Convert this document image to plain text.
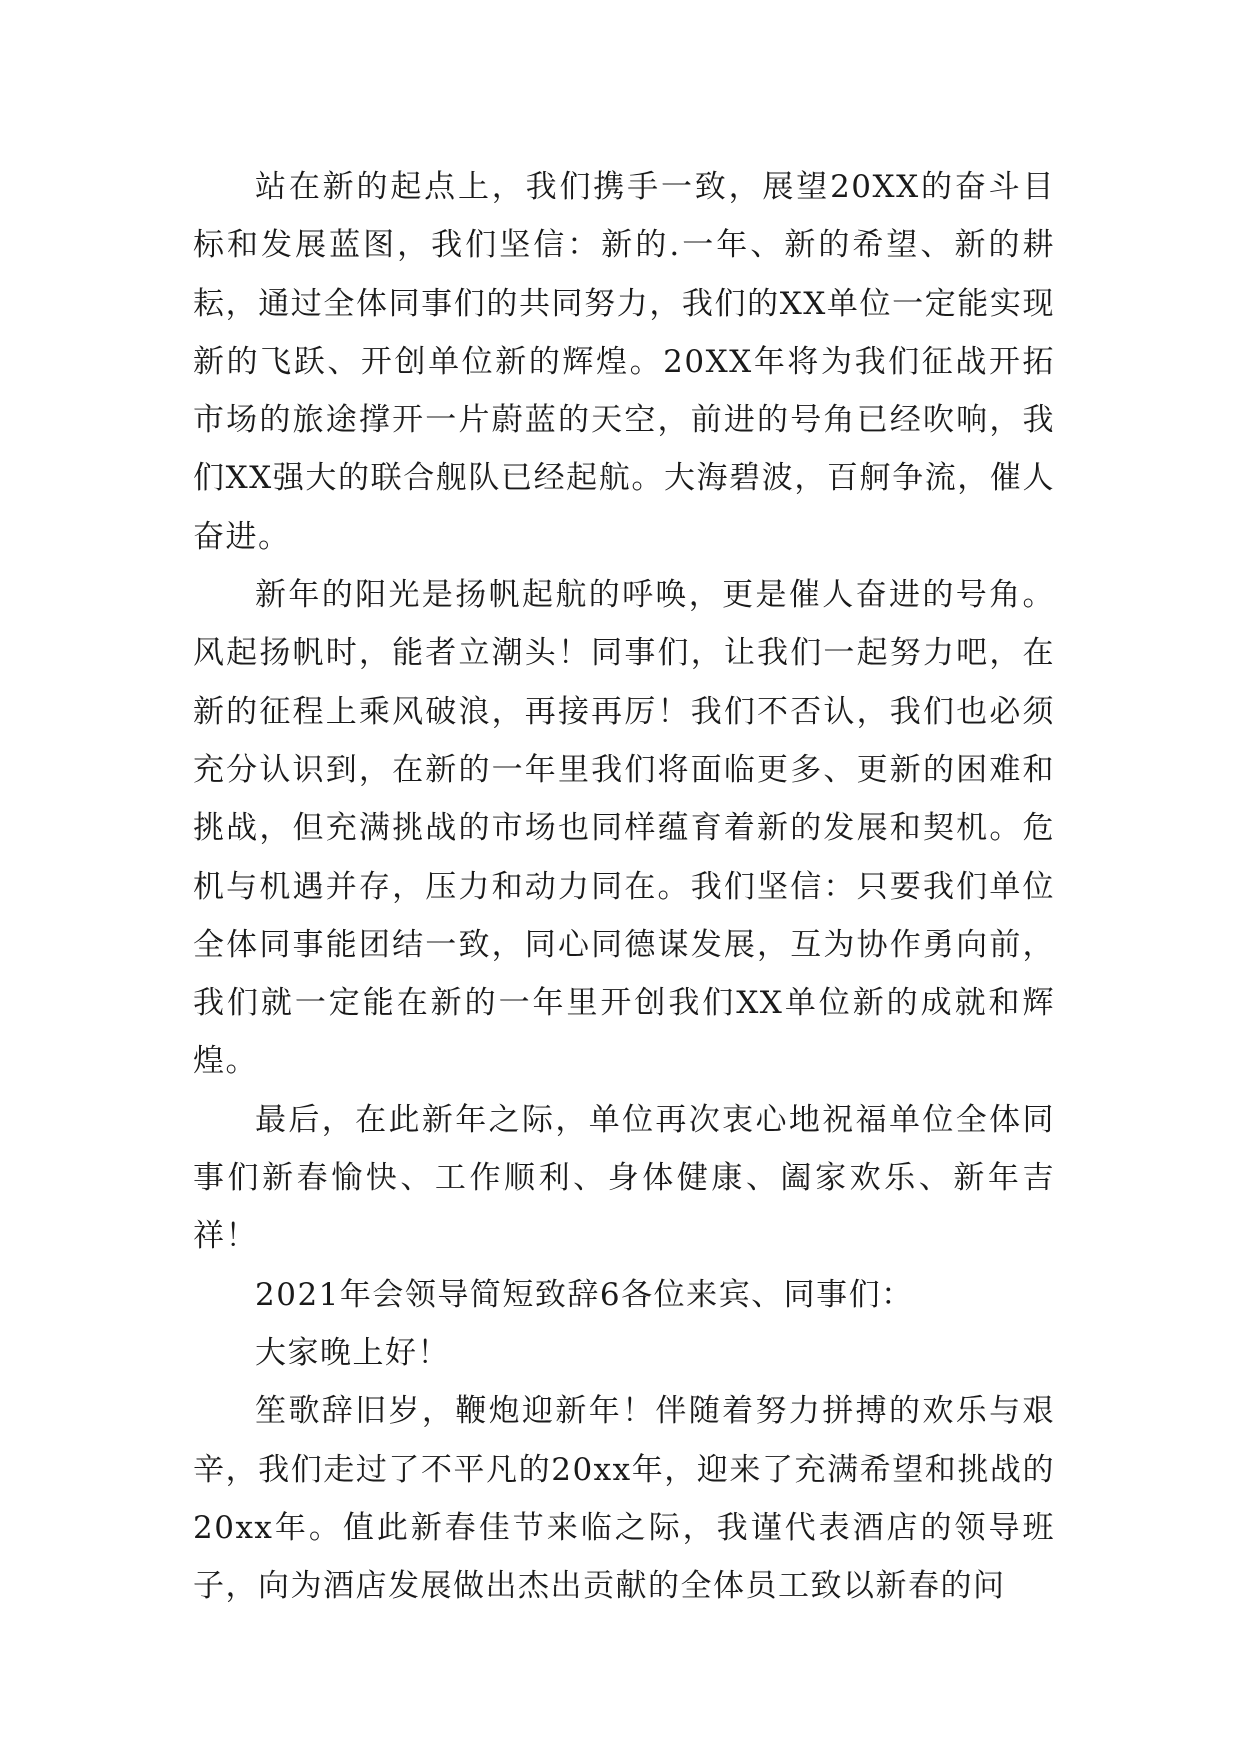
站在新的起点上，我们携手一致，展望20XX的奋斗目标和发展蓝图，我们坚信：新的.一年、新的希望、新的耕耘，通过全体同事们的共同努力，我们的XX单位一定能实现新的飞跃、开创单位新的辉煌。20XX年将为我们征战开拓市场的旅途撑开一片蔚蓝的天空，前进的号角已经吹响，我们XX强大的联合舰队已经起航。大海碧波，百舸争流，催人奋进。

新年的阳光是扬帆起航的呼唤，更是催人奋进的号角。风起扬帆时，能者立潮头！同事们，让我们一起努力吧，在新的征程上乘风破浪，再接再厉！我们不否认，我们也必须充分认识到，在新的一年里我们将面临更多、更新的困难和挑战，但充满挑战的市场也同样蕴育着新的发展和契机。危机与机遇并存，压力和动力同在。我们坚信：只要我们单位全体同事能团结一致，同心同德谋发展，互为协作勇向前，我们就一定能在新的一年里开创我们XX单位新的成就和辉煌。

最后，在此新年之际，单位再次衷心地祝福单位全体同事们新春愉快、工作顺利、身体健康、阖家欢乐、新年吉祥！

2021年会领导简短致辞6各位来宾、同事们：

大家晚上好！

笙歌辞旧岁，鞭炮迎新年！伴随着努力拼搏的欢乐与艰辛，我们走过了不平凡的20xx年，迎来了充满希望和挑战的20xx年。值此新春佳节来临之际，我谨代表酒店的领导班子，向为酒店发展做出杰出贡献的全体员工致以新春的问
